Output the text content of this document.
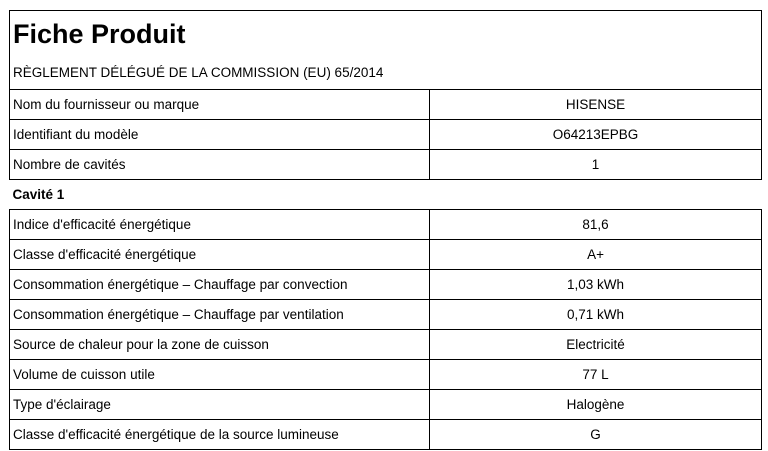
Fiche Produit	
RÈGLEMENT DÉLÉGUÉ DE LA COMMISSION (EU) 65/2014	
Nom du fournisseur ou marque	HISENSE
Identifiant du modèle	O64213EPBG
Nombre de cavités	1
Cavité 1	
Indice d'efficacité énergétique	81,6
Classe d'efficacité énergétique	A+
Consommation énergétique – Chauffage par convection	1,03 kWh
Consommation énergétique – Chauffage par ventilation	0,71 kWh
Source de chaleur pour la zone de cuisson	Electricité
Volume de cuisson utile	77 L
Type d'éclairage	Halogène
Classe d'efficacité énergétique de la source lumineuse	G
